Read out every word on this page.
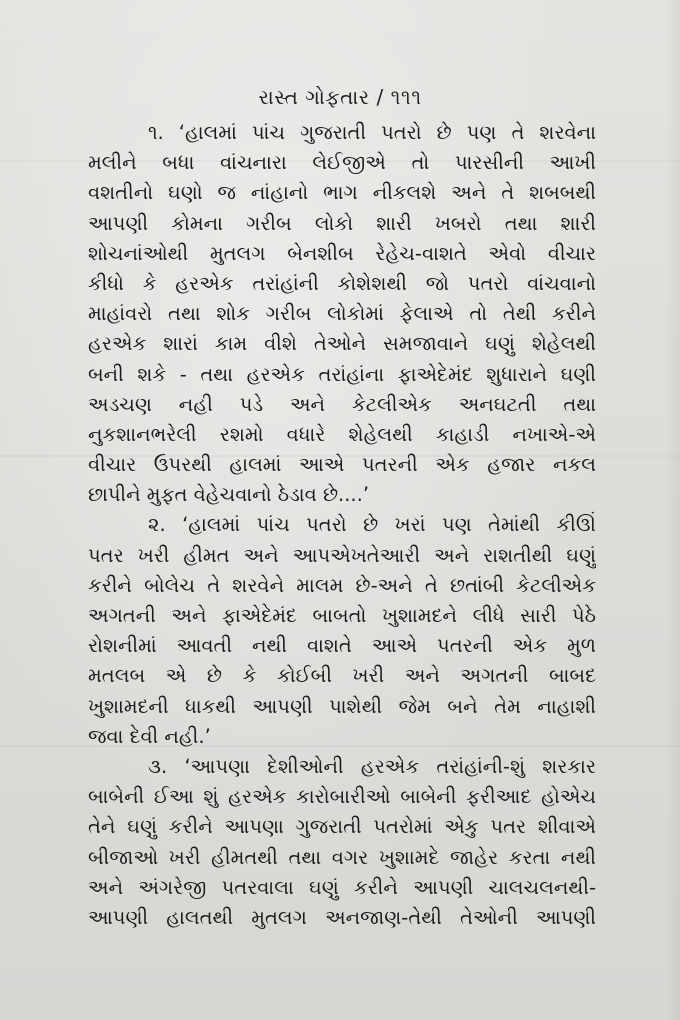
રાસ્ત ગોફતાર / ૧૧૧
૧. ‘હાલમાં પાંચ ગુજરાતી પતરો છે પણ તે શરવેના
મલીને બધા વાંચનારા લેઈજીએ તો પારસીની આખી
વશતીનો ઘણો જ નાંહાનો ભાગ નીકલશે અને તે શબબથી
આપણી કોમના ગરીબ લોકો શારી ખબરો તથા શારી
શોચનાંઓથી મુતલગ બેનશીબ રેહેચ-વાશતે એવો વીચાર
કીધો કે હરએક તરાંહાંની કોશેશથી જો પતરો વાંચવાનો
માહાંવરો તથા શોક ગરીબ લોકોમાં ફેલાએ તો તેથી કરીને
હરએક શારાં કામ વીશે તેઓને સમજાવાને ઘણું શેહેલથી
બની શકે - તથા હરએક તરાંહાંના ફાએદેમંદ શુધારાને ઘણી
અડચણ નહી પડે અને કેટલીએક અનઘટતી તથા
નુકશાનભરેલી રશમો વધારે શેહેલથી કાહાડી નખાએ-એ
વીચાર ઉપરથી હાલમાં આએ પતરની એક હજાર નકલ
છાપીને મુફત વેહેચવાનો ઠેડાવ છે....’
૨. ‘હાલમાં પાંચ પતરો છે ખરાં પણ તેમાંથી કીઊં
પતર ખરી હીમત અને આપએખતેઆરી અને રાશતીથી ઘણું
કરીને બોલેચ તે શરવેને માલમ છે-અને તે છતાંબી કેટલીએક
અગતની અને ફાએદેમંદ બાબતો ખુશામદને લીધે સારી પેઠે
રોશનીમાં આવતી નથી વાશતે આએ પતરની એક મુળ
મતલબ એ છે કે કોઈબી ખરી અને અગતની બાબદ
ખુશામદની ધાકથી આપણી પાશેથી જેમ બને તેમ નાહાશી
જવા દેવી નહી.’
૩. ‘આપણા દેશીઓની હરએક તરાંહાંની-શું શરકાર
બાબેની ઈઆ શું હરએક કારોબારીઓ બાબેની ફરીઆદ હોએચ
તેને ઘણું કરીને આપણા ગુજરાતી પતરોમાં એકુ પતર શીવાએ
બીજાઓ ખરી હીમતથી તથા વગર ખુશામદે જાહેર કરતા નથી
અને અંગરેજી પતરવાલા ઘણું કરીને આપણી ચાલચલનથી-
આપણી હાલતથી મુતલગ અનજાણ-તેથી તેઓની આપણી
